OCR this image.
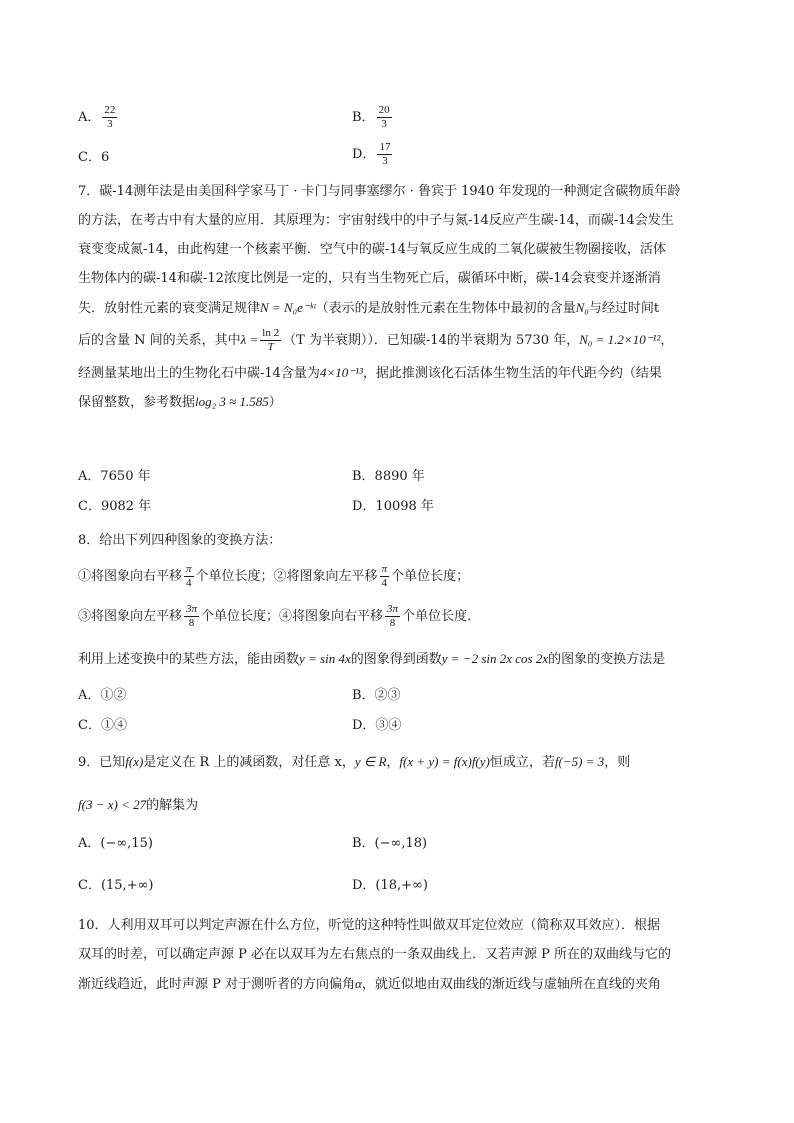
A． $\frac{22}{3}$	B． $\frac{20}{3}$
C．6	D． $\frac{17}{3}$
7．碳-14测年法是由美国科学家马丁 · 卡门与同事塞缪尔 · 鲁宾于 1940 年发现的一种测定含碳物质年龄
的方法，在考古中有大量的应用．其原理为：宇宙射线中的中子与氮-14反应产生碳-14，而碳-14会发生
衰变变成氮-14，由此构建一个核素平衡．空气中的碳-14与氧反应生成的二氧化碳被生物圈接收，活体
生物体内的碳-14和碳-12浓度比例是一定的，只有当生物死亡后，碳循环中断，碳-14会衰变并逐渐消
失．放射性元素的衰变满足规律N = N₀e⁻ᵏᵗ（表示的是放射性元素在生物体中最初的含量N₀与经过时间t
后的含量 N 间的关系，其中$\lambda = \frac{\ln 2}{T} (T$ 为半衰期））．已知碳-14的半衰期为 5730 年，N₀ = 1.2×10⁻¹²，
经测量某地出土的生物化石中碳-14含量为4×10⁻¹³，据此推测该化石活体生物生活的年代距今约（结果
保留整数，参考数据log₂ 3 ≈ 1.585）
A．7650 年	B．8890 年
C．9082 年	D．10098 年
8．给出下列四种图象的变换方法：
①将图象向右平移 $\frac{\pi}{4}$ 个单位长度；②将图象向左平移 $\frac{\pi}{4}$ 个单位长度；
③将图象向左平移 $\frac{3\pi}{8}$ 个单位长度；④将图象向右平移 $\frac{3\pi}{8}$ 个单位长度．
利用上述变换中的某些方法，能由函数y = sin 4x的图象得到函数y = −2 sin 2x cos 2x的图象的变换方法是
A．①②	B．②③
C．①④	D．③④
9．已知f(x)是定义在 R 上的减函数，对任意 x，y ∈ R，f(x + y) = f(x)f(y)恒成立，若f(−5) = 3，则
f(3 − x) < 27的解集为
A．(−∞,15)	B．(−∞,18)
C．(15,+∞)	D．(18,+∞)
10．人利用双耳可以判定声源在什么方位，听觉的这种特性叫做双耳定位效应（简称双耳效应）．根据
双耳的时差，可以确定声源 P 必在以双耳为左右焦点的一条双曲线上．又若声源 P 所在的双曲线与它的
渐近线趋近，此时声源 P 对于测听者的方向偏角α，就近似地由双曲线的渐近线与虚轴所在直线的夹角
